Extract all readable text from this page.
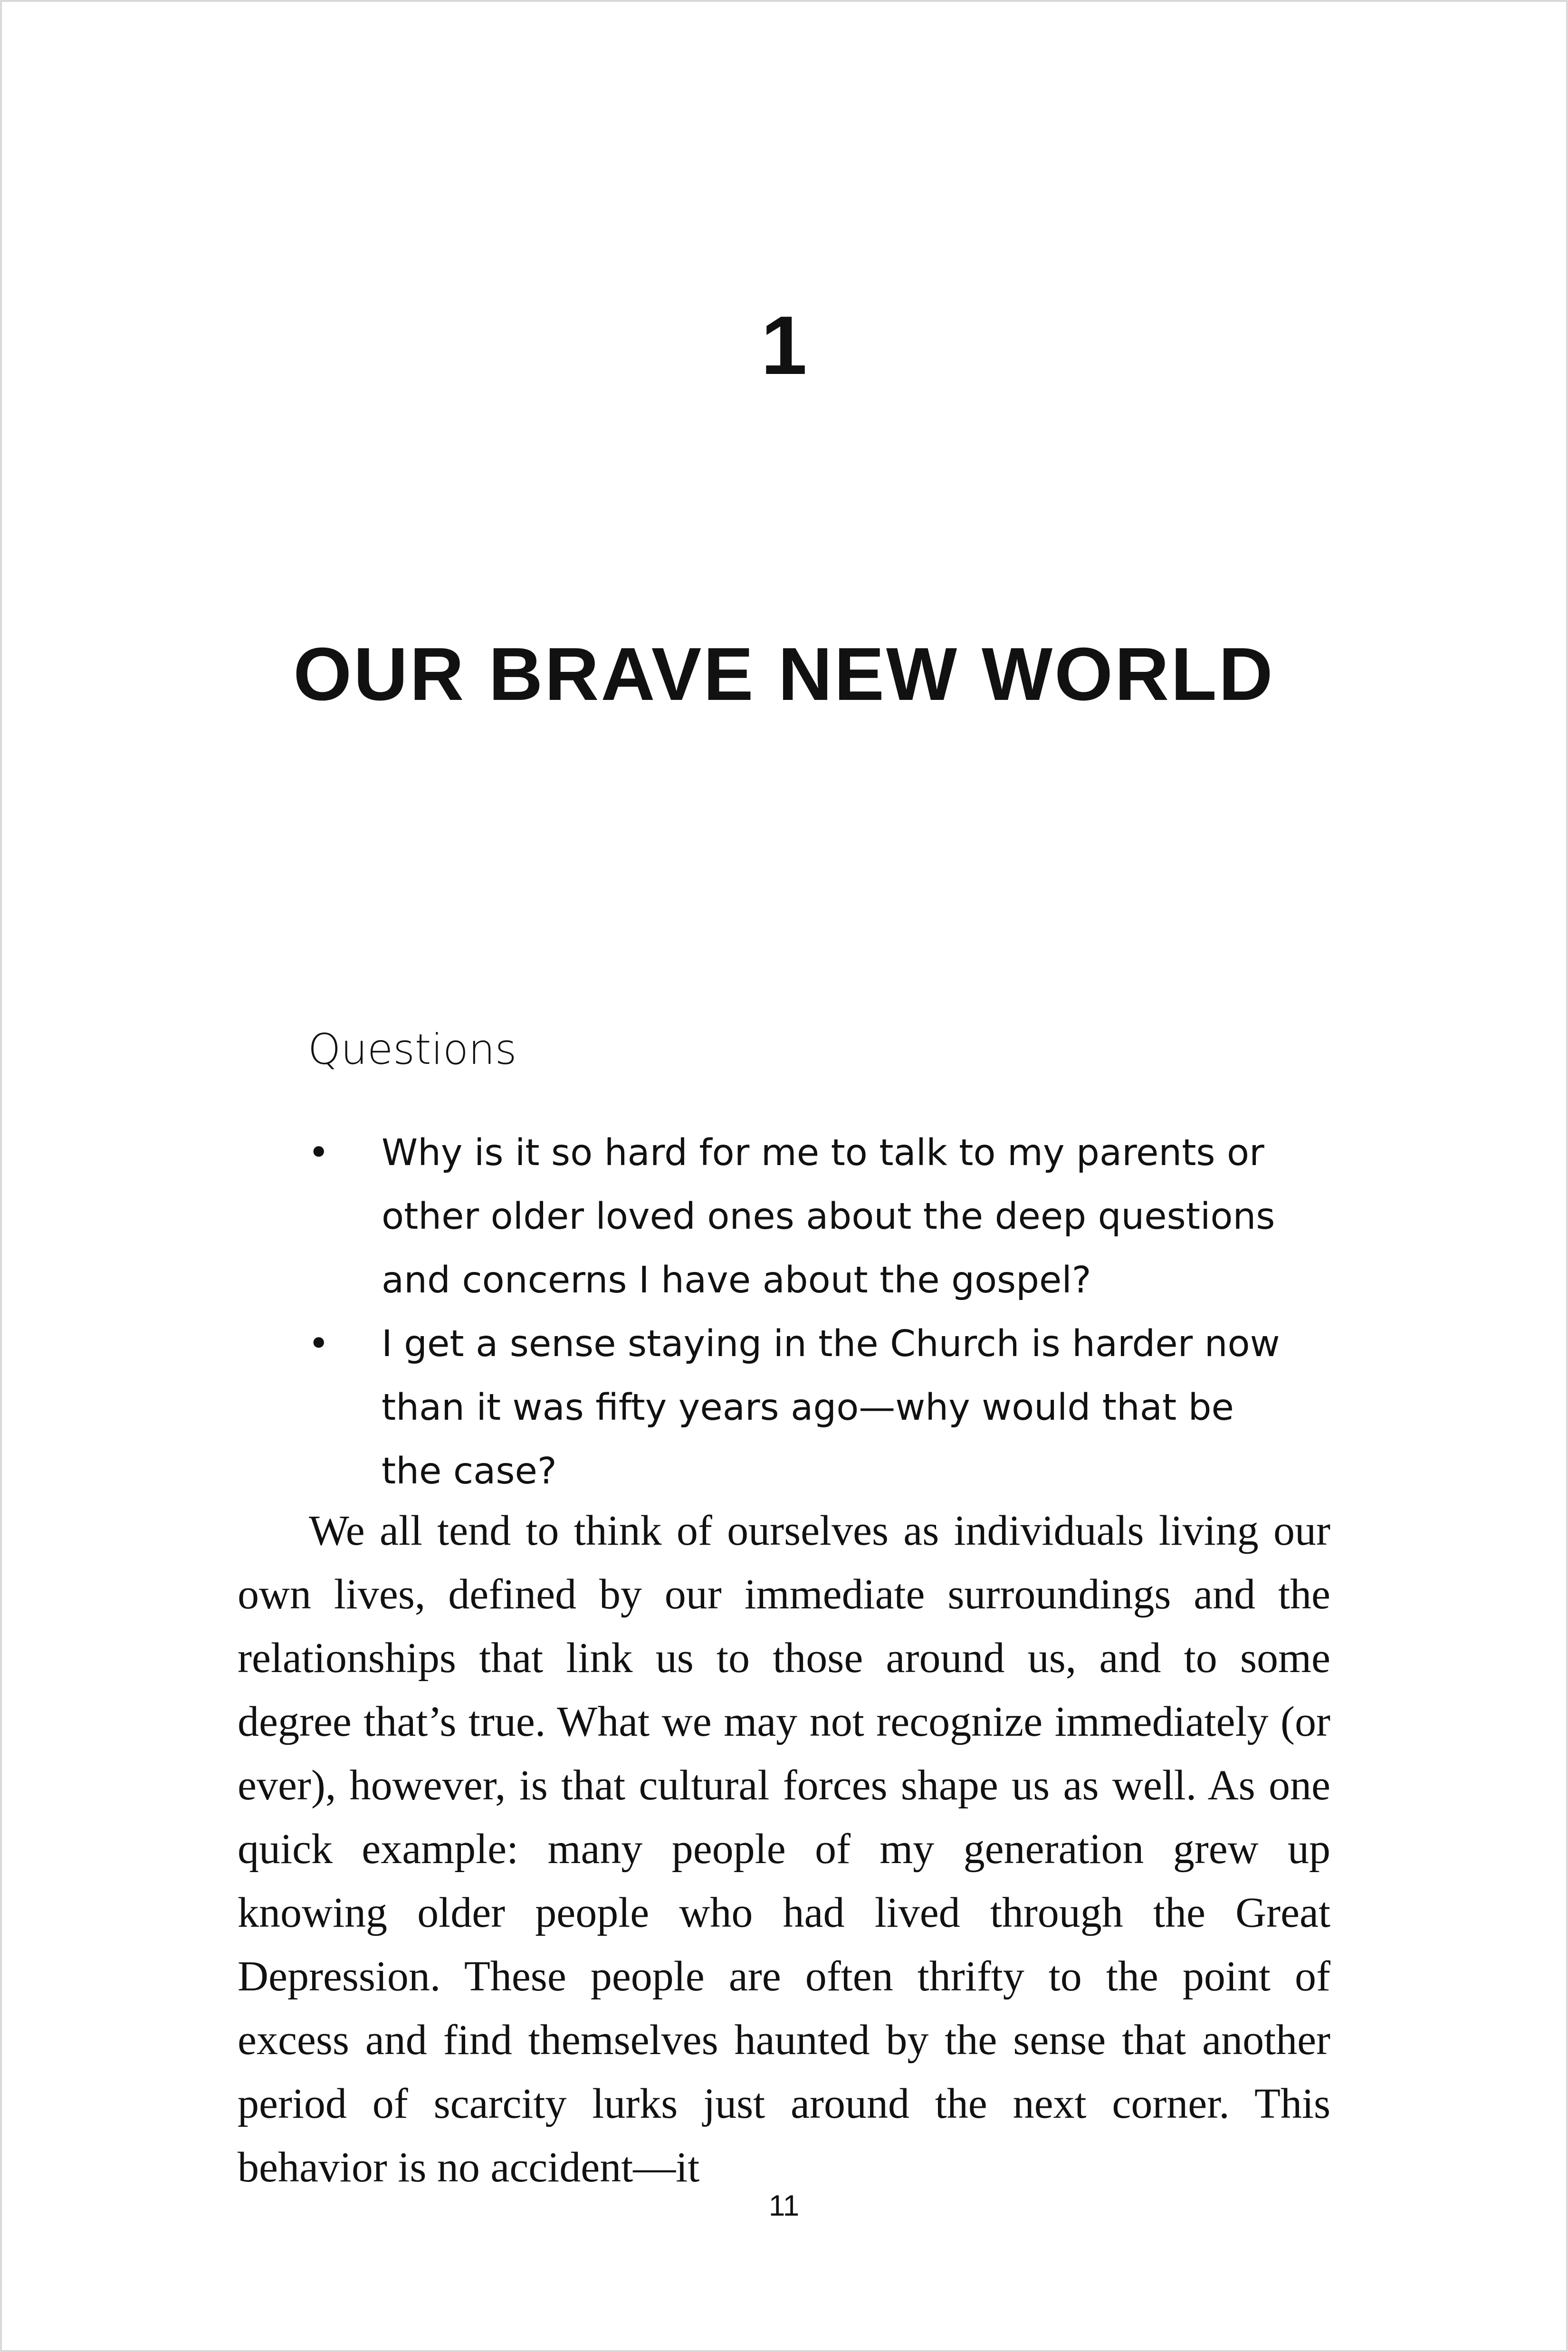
1
OUR BRAVE NEW WORLD
Questions
• Why is it so hard for me to talk to my parents or other older loved ones about the deep questions and concerns I have about the gospel?
• I get a sense staying in the Church is harder now than it was fifty years ago—why would that be the case?

We all tend to think of ourselves as individuals living our own lives, defined by our immediate surroundings and the relationships that link us to those around us, and to some degree that’s true. What we may not recognize immediately (or ever), however, is that cultural forces shape us as well. As one quick example: many people of my generation grew up knowing older people who had lived through the Great Depression. These people are often thrifty to the point of excess and find themselves haunted by the sense that another period of scarcity lurks just around the next corner. This behavior is no accident—it

11
